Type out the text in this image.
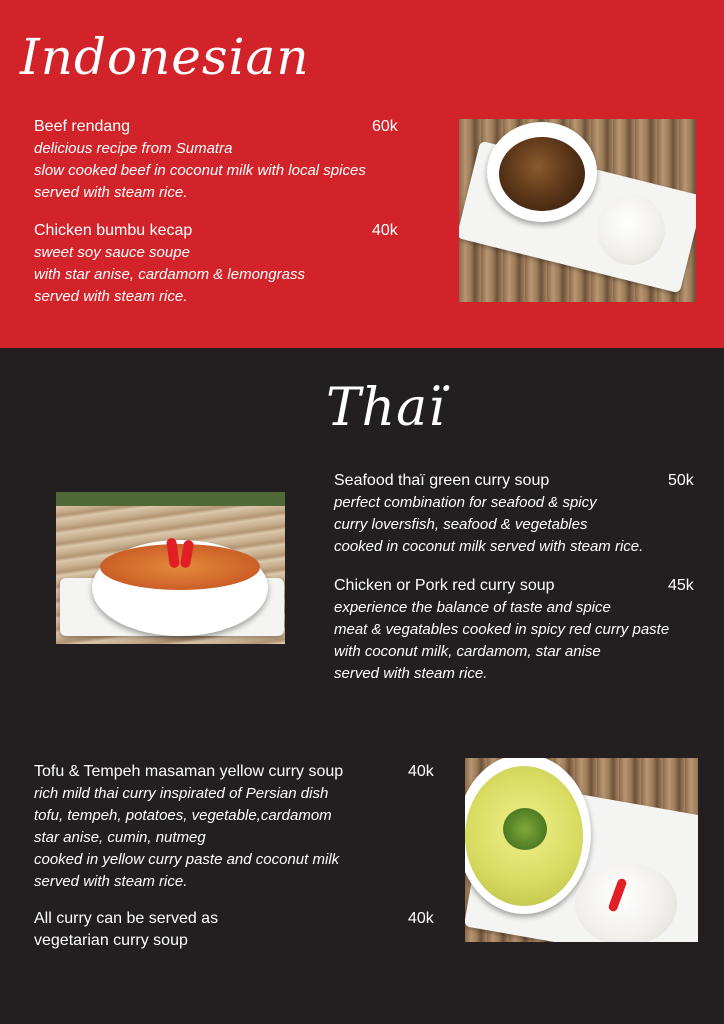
Indonesian
Beef rendang
delicious recipe from Sumatra
slow cooked beef in coconut milk with local spices
served with steam rice.
60k
Chicken bumbu kecap
sweet soy sauce soupe
with star anise, cardamom & lemongrass
served with steam rice.
40k
Thaï
Seafood thaï green curry soup
perfect combination for seafood & spicy
curry loversfish, seafood & vegetables
cooked in coconut milk served with steam rice.
50k
Chicken or Pork red curry soup
experience the balance of taste and spice
meat & vegatables cooked in spicy red curry paste
with coconut milk, cardamom, star anise
served with steam rice.
45k
Tofu & Tempeh masaman yellow curry soup
rich mild thai curry inspirated of Persian dish
tofu, tempeh, potatoes, vegetable,cardamom
star anise, cumin, nutmeg
cooked in yellow curry paste and coconut milk
served with steam rice.
40k
All curry can be served as
vegetarian curry soup
40k
